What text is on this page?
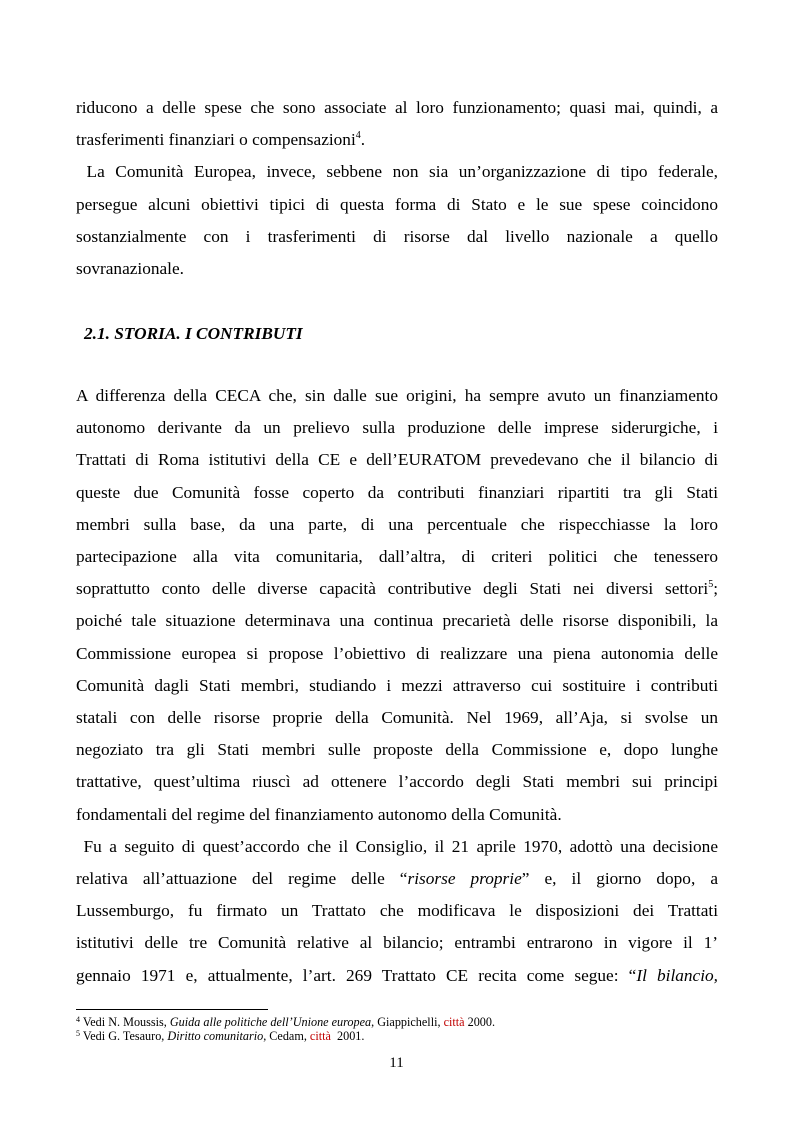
riducono a delle spese che sono associate al loro funzionamento; quasi mai, quindi, a
trasferimenti finanziari o compensazioni$^4$.

La Comunità Europea, invece, sebbene non sia un’organizzazione di tipo federale,
persegue alcuni obiettivi tipici di questa forma di Stato e le sue spese coincidono
sostanzialmente con i trasferimenti di risorse dal livello nazionale a quello
sovranazionale.

2.1. STORIA. I CONTRIBUTI

A differenza della CECA che, sin dalle sue origini, ha sempre avuto un finanziamento
autonomo derivante da un prelievo sulla produzione delle imprese siderurgiche, i
Trattati di Roma istitutivi della CE e dell’EURATOM prevedevano che il bilancio di
queste due Comunità fosse coperto da contributi finanziari ripartiti tra gli Stati
membri sulla base, da una parte, di una percentuale che rispecchiasse la loro
partecipazione alla vita comunitaria, dall’altra, di criteri politici che tenessero
soprattutto conto delle diverse capacità contributive degli Stati nei diversi settori$^5$;
poiché tale situazione determinava una continua precarietà delle risorse disponibili, la
Commissione europea si propose l’obiettivo di realizzare una piena autonomia delle
Comunità dagli Stati membri, studiando i mezzi attraverso cui sostituire i contributi
statali con delle risorse proprie della Comunità. Nel 1969, all’Aja, si svolse un
negoziato tra gli Stati membri sulle proposte della Commissione e, dopo lunghe
trattative, quest’ultima riuscì ad ottenere l’accordo degli Stati membri sui principi
fondamentali del regime del finanziamento autonomo della Comunità.

Fu a seguito di quest’accordo che il Consiglio, il 21 aprile 1970, adottò una decisione
relativa all’attuazione del regime delle “risorse proprie” e, il giorno dopo, a
Lussemburgo, fu firmato un Trattato che modificava le disposizioni dei Trattati
istitutivi delle tre Comunità relative al bilancio; entrambi entrarono in vigore il 1’
gennaio 1971 e, attualmente, l’art. 269 Trattato CE recita come segue: “Il bilancio,

$^4$ Vedi N. Moussis, Guida alle politiche dell’Unione europea, Giappichelli, città 2000.
$^5$ Vedi G. Tesauro, Diritto comunitario, Cedam, città  2001.
11
